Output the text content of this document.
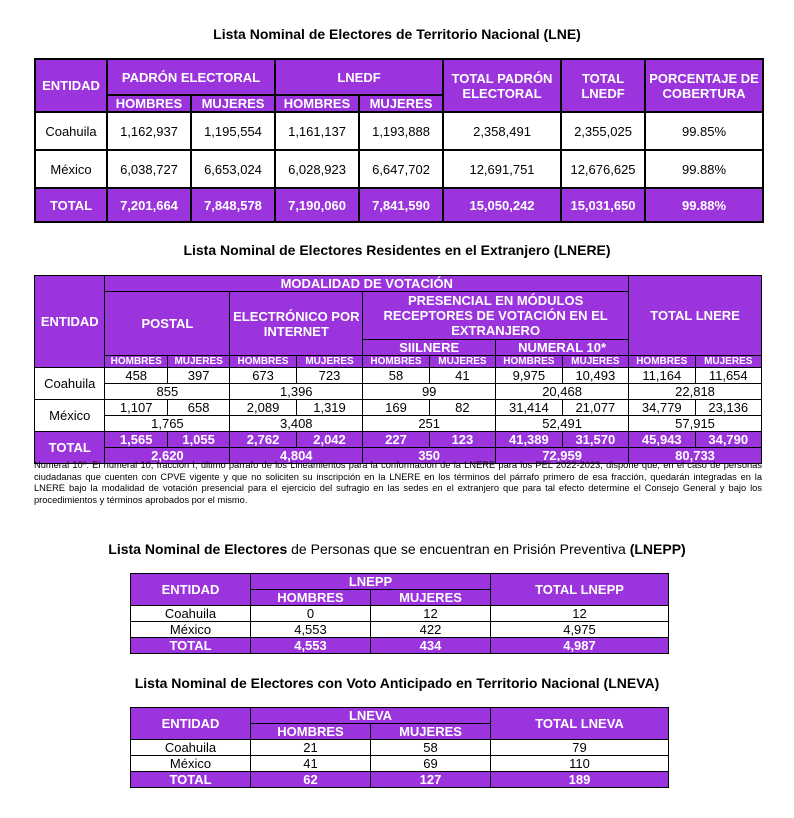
Lista Nominal de Electores de Territorio Nacional (LNE)
ENTIDAD	PADRÓN ELECTORAL		LNEDF		TOTAL PADRÓN ELECTORAL	TOTAL LNEDF	PORCENTAJE DE COBERTURA
	HOMBRES	MUJERES	HOMBRES	MUJERES			
Coahuila	1,162,937	1,195,554	1,161,137	1,193,888	2,358,491	2,355,025	99.85%
México	6,038,727	6,653,024	6,028,923	6,647,702	12,691,751	12,676,625	99.88%
TOTAL	7,201,664	7,848,578	7,190,060	7,841,590	15,050,242	15,031,650	99.88%
Lista Nominal de Electores Residentes en el Extranjero (LNERE)
ENTIDAD	MODALIDAD DE VOTACIÓN								TOTAL LNERE	
	POSTAL		ELECTRÓNICO POR INTERNET		PRESENCIAL EN MÓDULOS RECEPTORES DE VOTACIÓN EN EL EXTRANJERO					
					SIILNERE		NUMERAL 10*			
	HOMBRES	MUJERES	HOMBRES	MUJERES	HOMBRES	MUJERES	HOMBRES	MUJERES	HOMBRES	MUJERES
Coahuila	458	397	673	723	58	41	9,975	10,493	11,164	11,654
	855		1,396		99		20,468		22,818	
México	1,107	658	2,089	1,319	169	82	31,414	21,077	34,779	23,136
	1,765		3,408		251		52,491		57,915	
TOTAL	1,565	1,055	2,762	2,042	227	123	41,389	31,570	45,943	34,790
	2,620		4,804		350		72,959		80,733	

Numeral 10*: El numeral 10, fracción I, último párrafo de los Lineamientos para la conformación de la LNERE para los PEL 2022-2023, dispone que, en el caso de personas ciudadanas que cuenten con CPVE vigente y que no soliciten su inscripción en la LNERE en los términos del párrafo primero de esa fracción, quedarán integradas en la LNERE bajo la modalidad de votación presencial para el ejercicio del sufragio en las sedes en el extranjero que para tal efecto determine el Consejo General y bajo los procedimientos y términos aprobados por el mismo.

Lista Nominal de Electores de Personas que se encuentran en Prisión Preventiva (LNEPP)
ENTIDAD	LNEPP		TOTAL LNEPP
	HOMBRES	MUJERES	
Coahuila	0	12	12
México	4,553	422	4,975
TOTAL	4,553	434	4,987
Lista Nominal de Electores con Voto Anticipado en Territorio Nacional (LNEVA)
ENTIDAD	LNEVA		TOTAL LNEVA
	HOMBRES	MUJERES	
Coahuila	21	58	79
México	41	69	110
TOTAL	62	127	189
